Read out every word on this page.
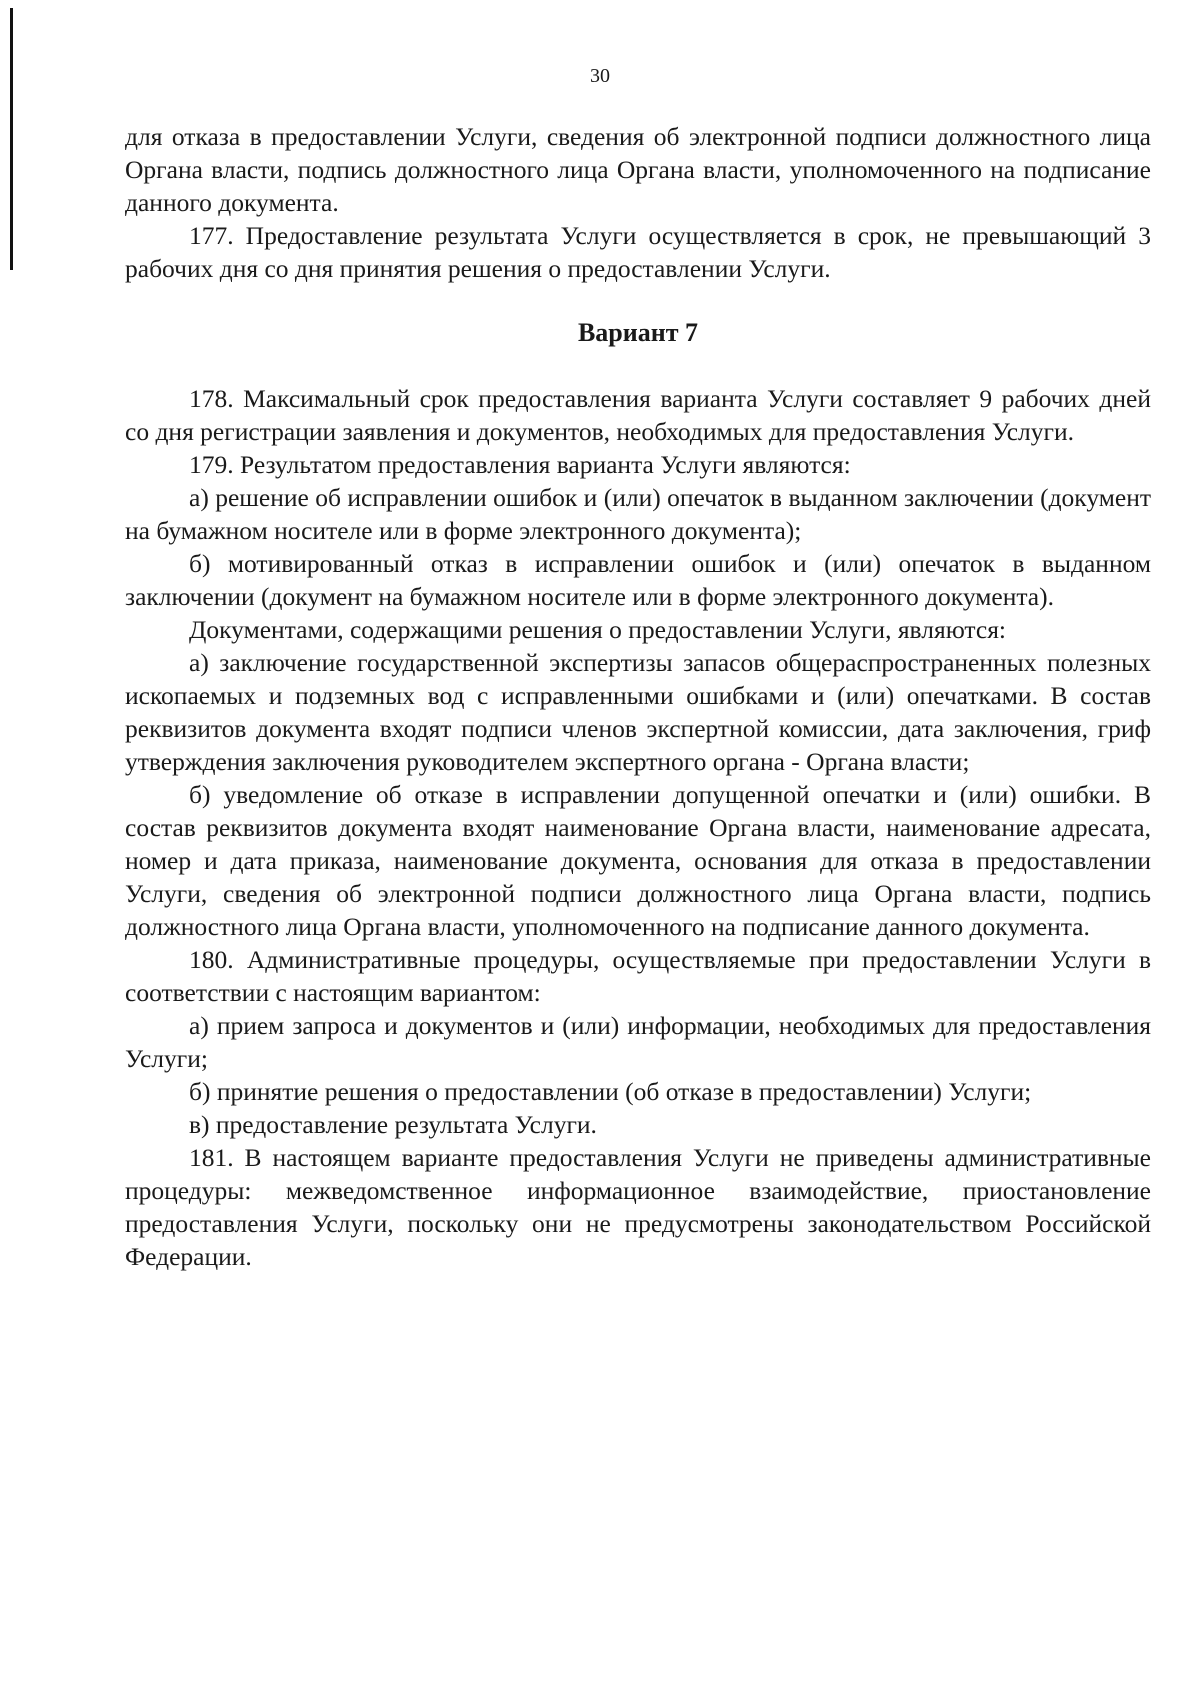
30

для отказа в предоставлении Услуги, сведения об электронной подписи должностного лица Органа власти, подпись должностного лица Органа власти, уполномоченного на подписание данного документа.

177. Предоставление результата Услуги осуществляется в срок, не превышающий 3 рабочих дня со дня принятия решения о предоставлении Услуги.

Вариант 7

178. Максимальный срок предоставления варианта Услуги составляет 9 рабочих дней со дня регистрации заявления и документов, необходимых для предоставления Услуги.

179. Результатом предоставления варианта Услуги являются:

а) решение об исправлении ошибок и (или) опечаток в выданном заключении (документ на бумажном носителе или в форме электронного документа);

б) мотивированный отказ в исправлении ошибок и (или) опечаток в выданном заключении (документ на бумажном носителе или в форме электронного документа).

Документами, содержащими решения о предоставлении Услуги, являются:

а) заключение государственной экспертизы запасов общераспространенных полезных ископаемых и подземных вод с исправленными ошибками и (или) опечатками. В состав реквизитов документа входят подписи членов экспертной комиссии, дата заключения, гриф утверждения заключения руководителем экспертного органа - Органа власти;

б) уведомление об отказе в исправлении допущенной опечатки и (или) ошибки. В состав реквизитов документа входят наименование Органа власти, наименование адресата, номер и дата приказа, наименование документа, основания для отказа в предоставлении Услуги, сведения об электронной подписи должностного лица Органа власти, подпись должностного лица Органа власти, уполномоченного на подписание данного документа.

180. Административные процедуры, осуществляемые при предоставлении Услуги в соответствии с настоящим вариантом:

а) прием запроса и документов и (или) информации, необходимых для предоставления Услуги;

б) принятие решения о предоставлении (об отказе в предоставлении) Услуги;

в) предоставление результата Услуги.

181. В настоящем варианте предоставления Услуги не приведены административные процедуры: межведомственное информационное взаимодействие, приостановление предоставления Услуги, поскольку они не предусмотрены законодательством Российской Федерации.
